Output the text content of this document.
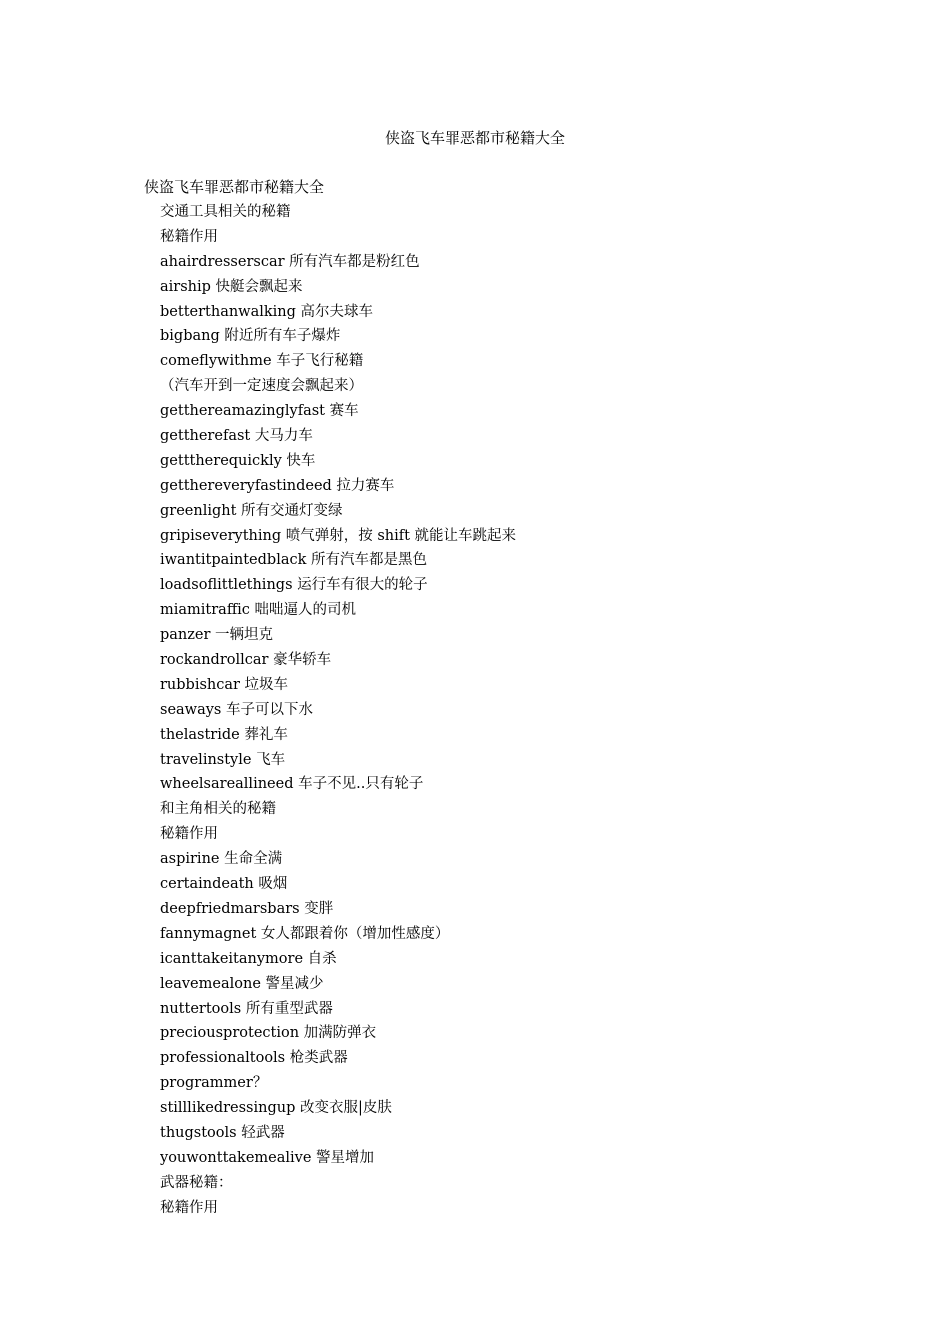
侠盗飞车罪恶都市秘籍大全
侠盗飞车罪恶都市秘籍大全
交通工具相关的秘籍
秘籍作用
ahairdresserscar 所有汽车都是粉红色
airship 快艇会飘起来
betterthanwalking 高尔夫球车
bigbang 附近所有车子爆炸
comeflywithme 车子飞行秘籍
（汽车开到一定速度会飘起来）
getthereamazinglyfast 赛车
gettherefast 大马力车
getttherequickly 快车
getthereveryfastindeed 拉力赛车
greenlight 所有交通灯变绿
gripiseverything 喷气弹射，按 shift 就能让车跳起来
iwantitpaintedblack 所有汽车都是黑色
loadsoflittlethings 运行车有很大的轮子
miamitraffic 咄咄逼人的司机
panzer 一辆坦克
rockandrollcar 豪华轿车
rubbishcar 垃圾车
seaways 车子可以下水
thelastride 葬礼车
travelinstyle 飞车
wheelsareallineed 车子不见..只有轮子
和主角相关的秘籍
秘籍作用
aspirine 生命全满
certaindeath 吸烟
deepfriedmarsbars 变胖
fannymagnet 女人都跟着你（增加性感度）
icanttakeitanymore 自杀
leavemealone 警星减少
nuttertools 所有重型武器
preciousprotection 加满防弹衣
professionaltools 枪类武器
programmer？
stilllikedressingup 改变衣服|皮肤
thugstools 轻武器
youwonttakemealive 警星增加
武器秘籍：
秘籍作用
